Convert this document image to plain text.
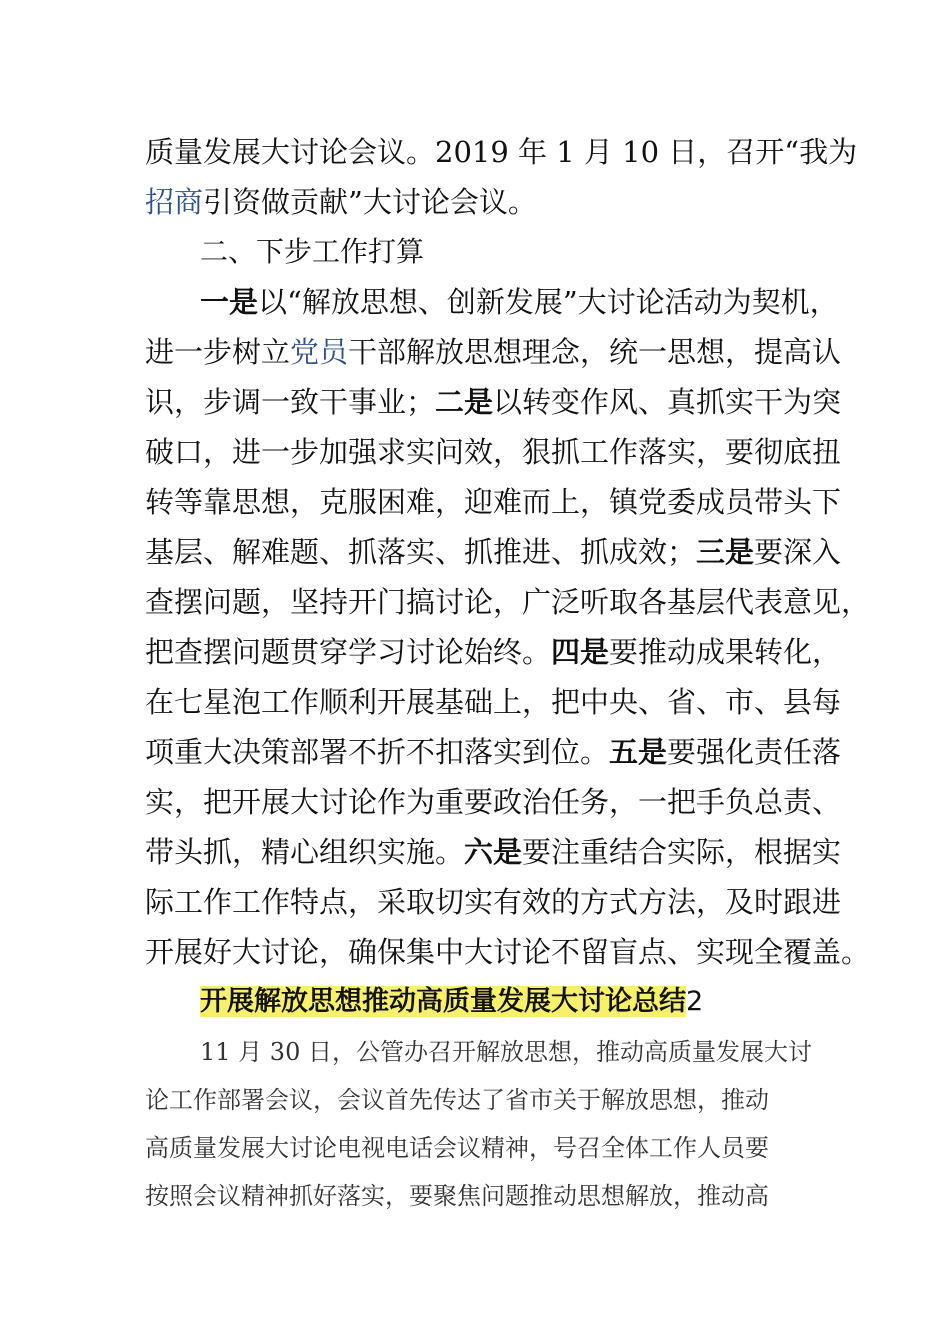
质量发展大讨论会议。2019 年 1 月 10 日，召开“我为
招商引资做贡献”大讨论会议。
二、下步工作打算
一是以“解放思想、创新发展”大讨论活动为契机，
进一步树立党员干部解放思想理念，统一思想，提高认
识，步调一致干事业；二是以转变作风、真抓实干为突
破口，进一步加强求实问效，狠抓工作落实，要彻底扭
转等靠思想，克服困难，迎难而上，镇党委成员带头下
基层、解难题、抓落实、抓推进、抓成效；三是要深入
查摆问题，坚持开门搞讨论，广泛听取各基层代表意见，
把查摆问题贯穿学习讨论始终。四是要推动成果转化，
在七星泡工作顺利开展基础上，把中央、省、市、县每
项重大决策部署不折不扣落实到位。五是要强化责任落
实，把开展大讨论作为重要政治任务，一把手负总责、
带头抓，精心组织实施。六是要注重结合实际，根据实
际工作工作特点，采取切实有效的方式方法，及时跟进
开展好大讨论，确保集中大讨论不留盲点、实现全覆盖。
开展解放思想推动高质量发展大讨论总结2
11 月 30 日，公管办召开解放思想，推动高质量发展大讨
论工作部署会议，会议首先传达了省市关于解放思想，推动
高质量发展大讨论电视电话会议精神，号召全体工作人员要
按照会议精神抓好落实，要聚焦问题推动思想解放，推动高
